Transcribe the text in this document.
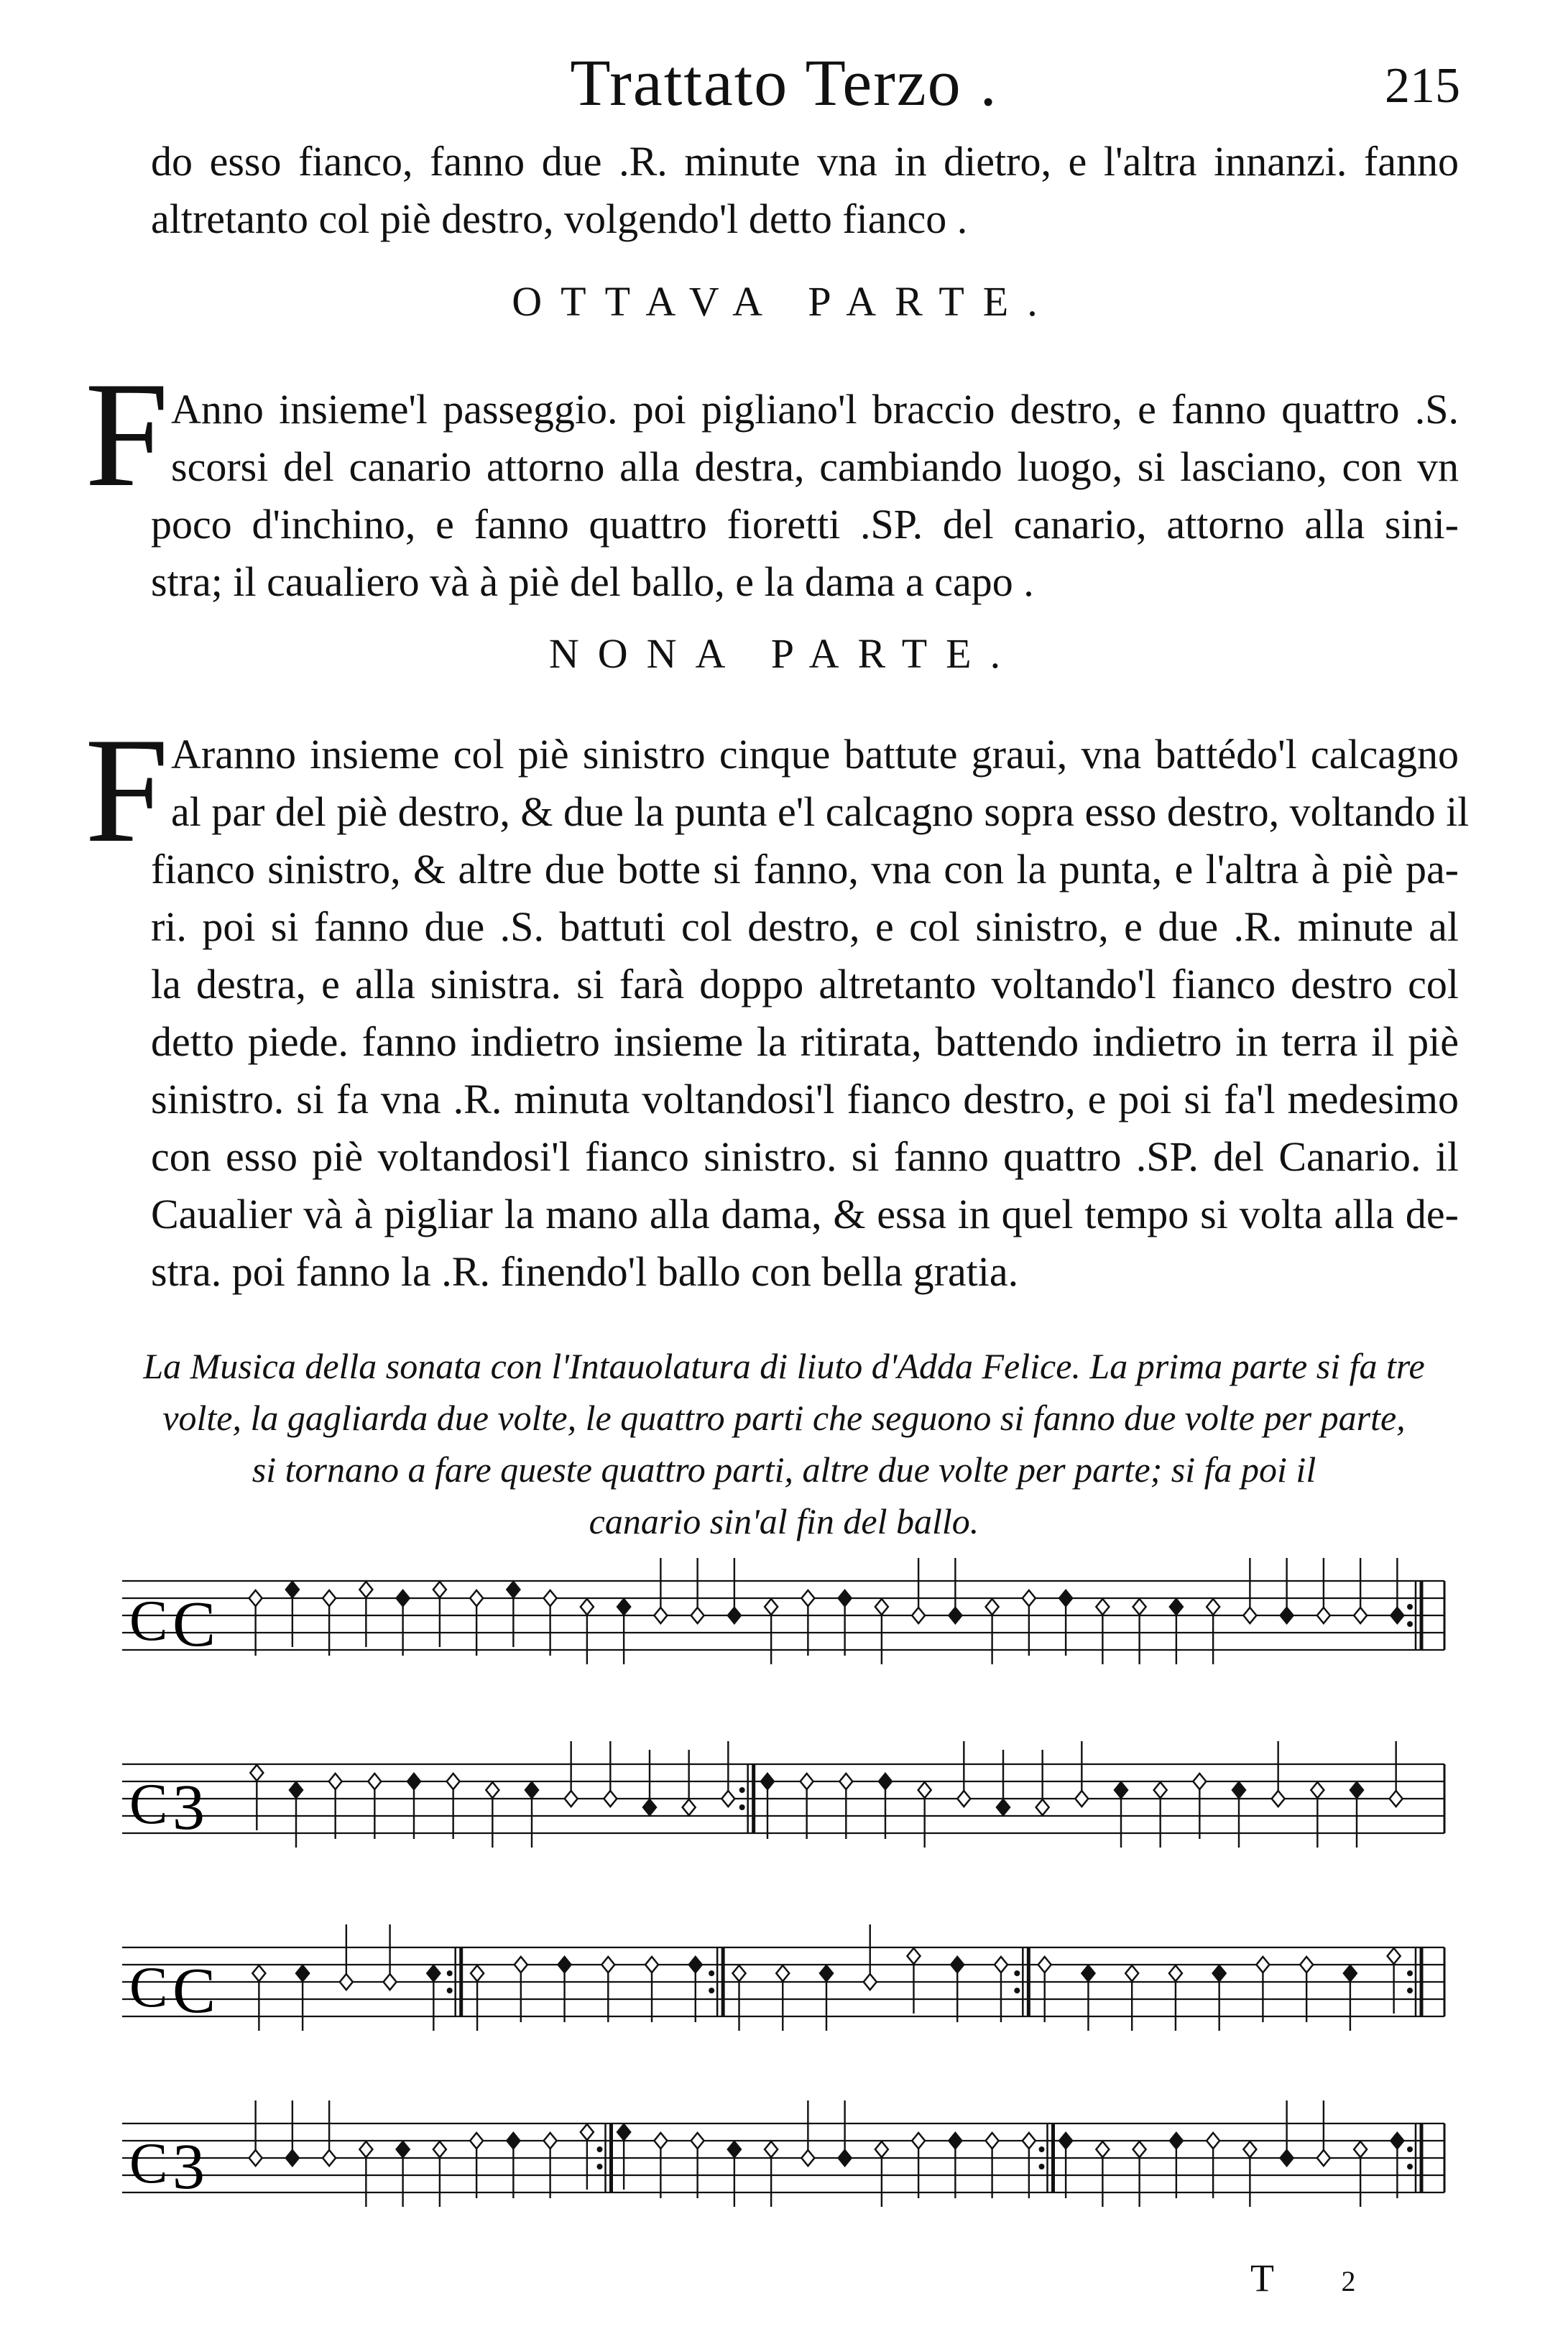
Trattato Terzo .	215
do esso fianco, fanno due .R. minute vna in dietro, e l'altra innanzi. fanno
altretanto col piè destro, volgendo'l detto fianco .
OTTAVA PARTE.
F Anno insieme'l passeggio. poi pigliano'l braccio destro, e fanno quattro .S.
scorsi del canario attorno alla destra, cambiando luogo, si lasciano, con vn
poco d'inchino, e fanno quattro fioretti .SP. del canario, attorno alla sini-
stra; il caualiero và à piè del ballo, e la dama a capo .
NONA PARTE.
F Aranno insieme col piè sinistro cinque battute graui, vna battédo'l calcagno
al par del piè destro, & due la punta e'l calcagno sopra esso destro, voltando il
fianco sinistro, & altre due botte si fanno, vna con la punta, e l'altra à piè pa-
ri. poi si fanno due .S. battuti col destro, e col sinistro, e due .R. minute al
la destra, e alla sinistra. si farà doppo altretanto voltando'l fianco destro col
detto piede. fanno indietro insieme la ritirata, battendo indietro in terra il piè
sinistro. si fa vna .R. minuta voltandosi'l fianco destro, e poi si fa'l medesimo
con esso piè voltandosi'l fianco sinistro. si fanno quattro .SP. del Canario. il
Caualier và à pigliar la mano alla dama, & essa in quel tempo si volta alla de-
stra. poi fanno la .R. finendo'l ballo con bella gratia.
La Musica della sonata con l'Intauolatura di liuto d'Adda Felice. La prima parte si fa tre
volte, la gagliarda due volte, le quattro parti che seguono si fanno due volte per parte,
si tornano a fare queste quattro parti, altre due volte per parte; si fa poi il
canario sin'al fin del ballo.
C C
C 3
C C
C 3
T 2
